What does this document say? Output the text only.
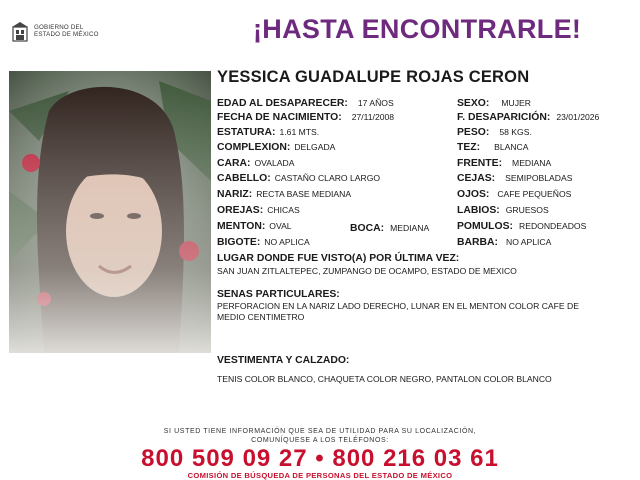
GOBIERNO DEL
ESTADO DE MÉXICO	¡HASTA ENCONTRARLE!
YESSICA GUADALUPE ROJAS CERON
EDAD AL DESAPARECER: 17 AÑOS
FECHA DE NACIMIENTO: 27/11/2008
ESTATURA: 1.61 MTS.
COMPLEXION: DELGADA
CARA: OVALADA
CABELLO: CASTAÑO CLARO LARGO
NARIZ: RECTA BASE MEDIANA
OREJAS: CHICAS
MENTON: OVAL	BOCA: MEDIANA
BIGOTE: NO APLICA
SEXO: MUJER
F. DESAPARICIÓN: 23/01/2026
PESO: 58 KGS.
TEZ: BLANCA
FRENTE: MEDIANA
CEJAS: SEMIPOBLADAS
OJOS: CAFE PEQUEÑOS
LABIOS: GRUESOS
POMULOS: REDONDEADOS
BARBA: NO APLICA
LUGAR DONDE FUE VISTO(A) POR ÚLTIMA VEZ:
SAN JUAN ZITLALTEPEC, ZUMPANGO DE OCAMPO, ESTADO DE MEXICO
SENAS PARTICULARES:
PERFORACION EN LA NARIZ LADO DERECHO, LUNAR EN EL MENTON COLOR CAFE DE
MEDIO CENTIMETRO
VESTIMENTA Y CALZADO:
TENIS COLOR BLANCO, CHAQUETA COLOR NEGRO, PANTALON COLOR BLANCO
SI USTED TIENE INFORMACIÓN QUE SEA DE UTILIDAD PARA SU LOCALIZACIÓN,
COMUNÍQUESE A LOS TELÉFONOS:
800 509 09 27 • 800 216 03 61
COMISIÓN DE BÚSQUEDA DE PERSONAS DEL ESTADO DE MÉXICO
